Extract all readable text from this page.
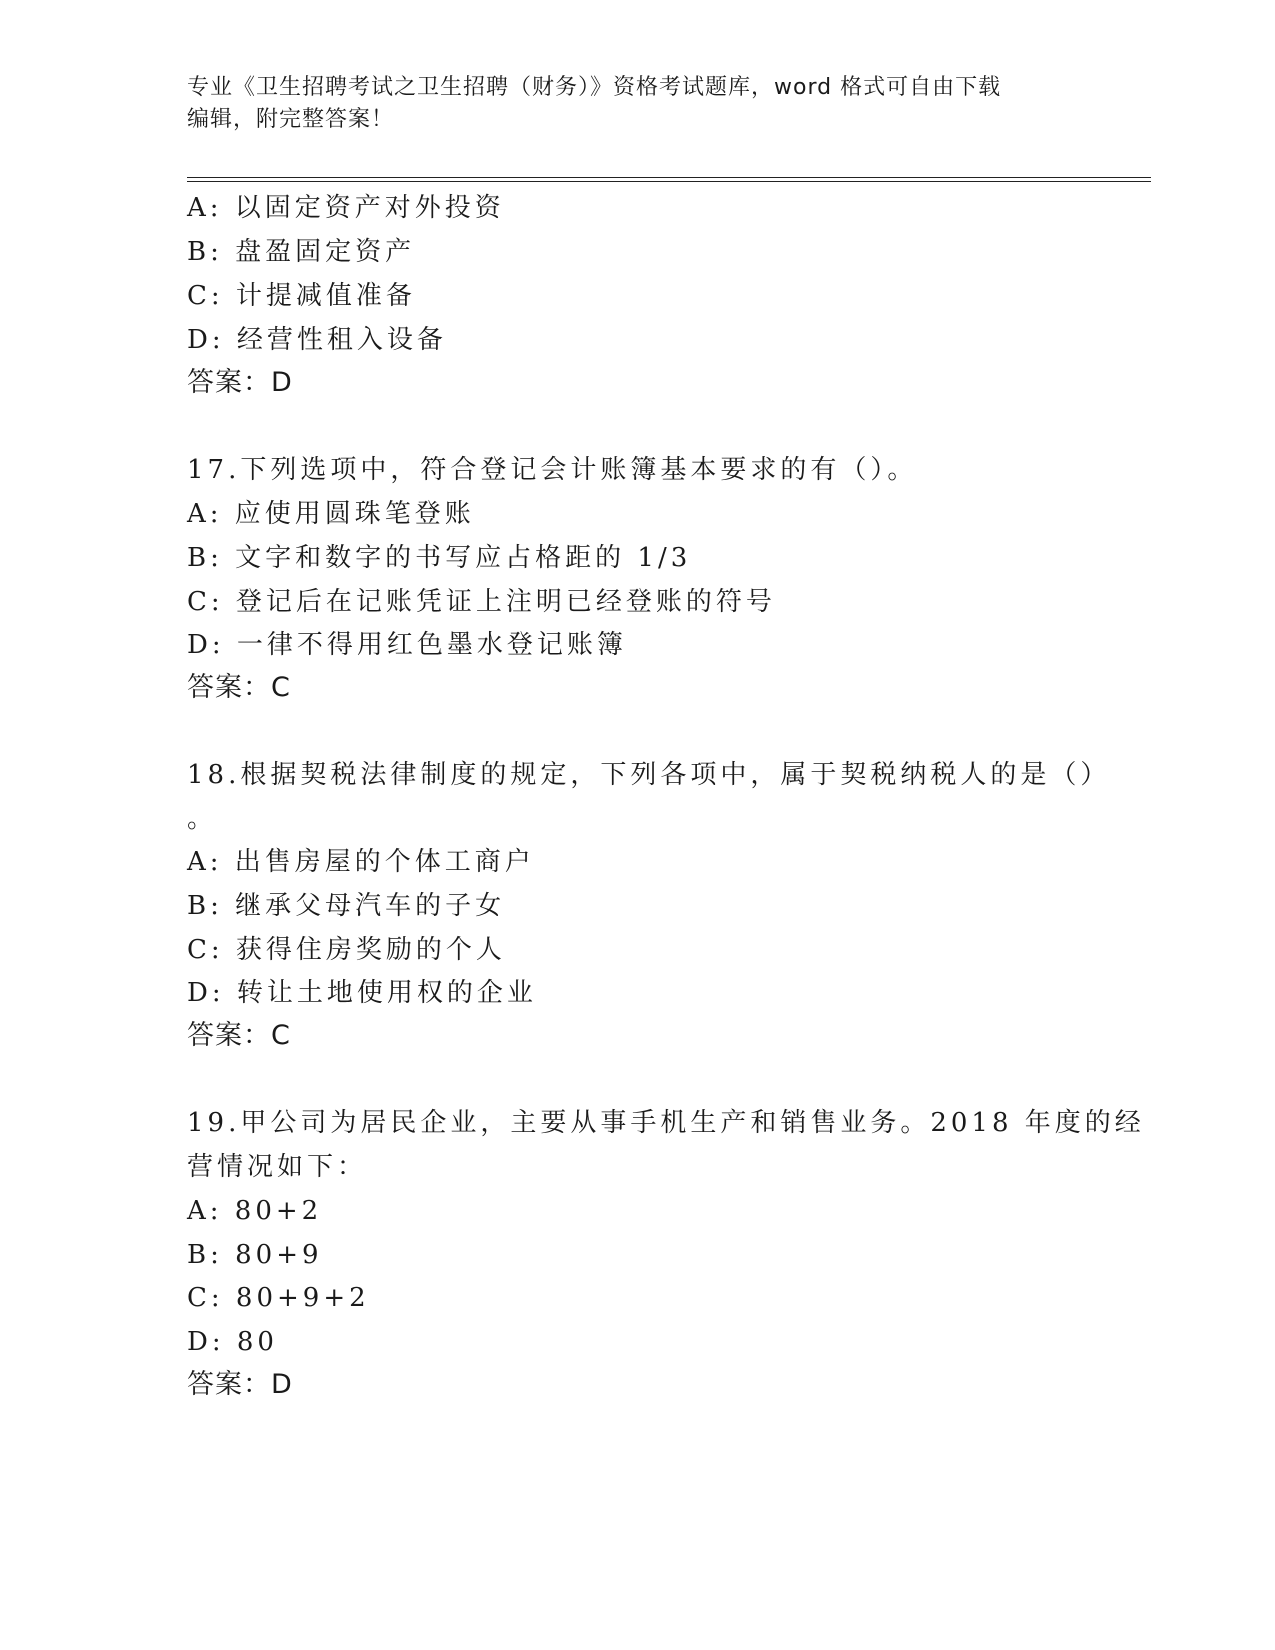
专业《卫生招聘考试之卫生招聘（财务）》资格考试题库，word 格式可自由下载
编辑，附完整答案！
A: 以固定资产对外投资
B: 盘盈固定资产
C: 计提减值准备
D: 经营性租入设备
答案：D
17.下列选项中，符合登记会计账簿基本要求的有（）。
A: 应使用圆珠笔登账
B: 文字和数字的书写应占格距的 1/3
C: 登记后在记账凭证上注明已经登账的符号
D: 一律不得用红色墨水登记账簿
答案：C
18.根据契税法律制度的规定，下列各项中，属于契税纳税人的是（）
。
A: 出售房屋的个体工商户
B: 继承父母汽车的子女
C: 获得住房奖励的个人
D: 转让土地使用权的企业
答案：C
19.甲公司为居民企业，主要从事手机生产和销售业务。2018 年度的经
营情况如下：
A: 80+2
B: 80+9
C: 80+9+2
D: 80
答案：D
